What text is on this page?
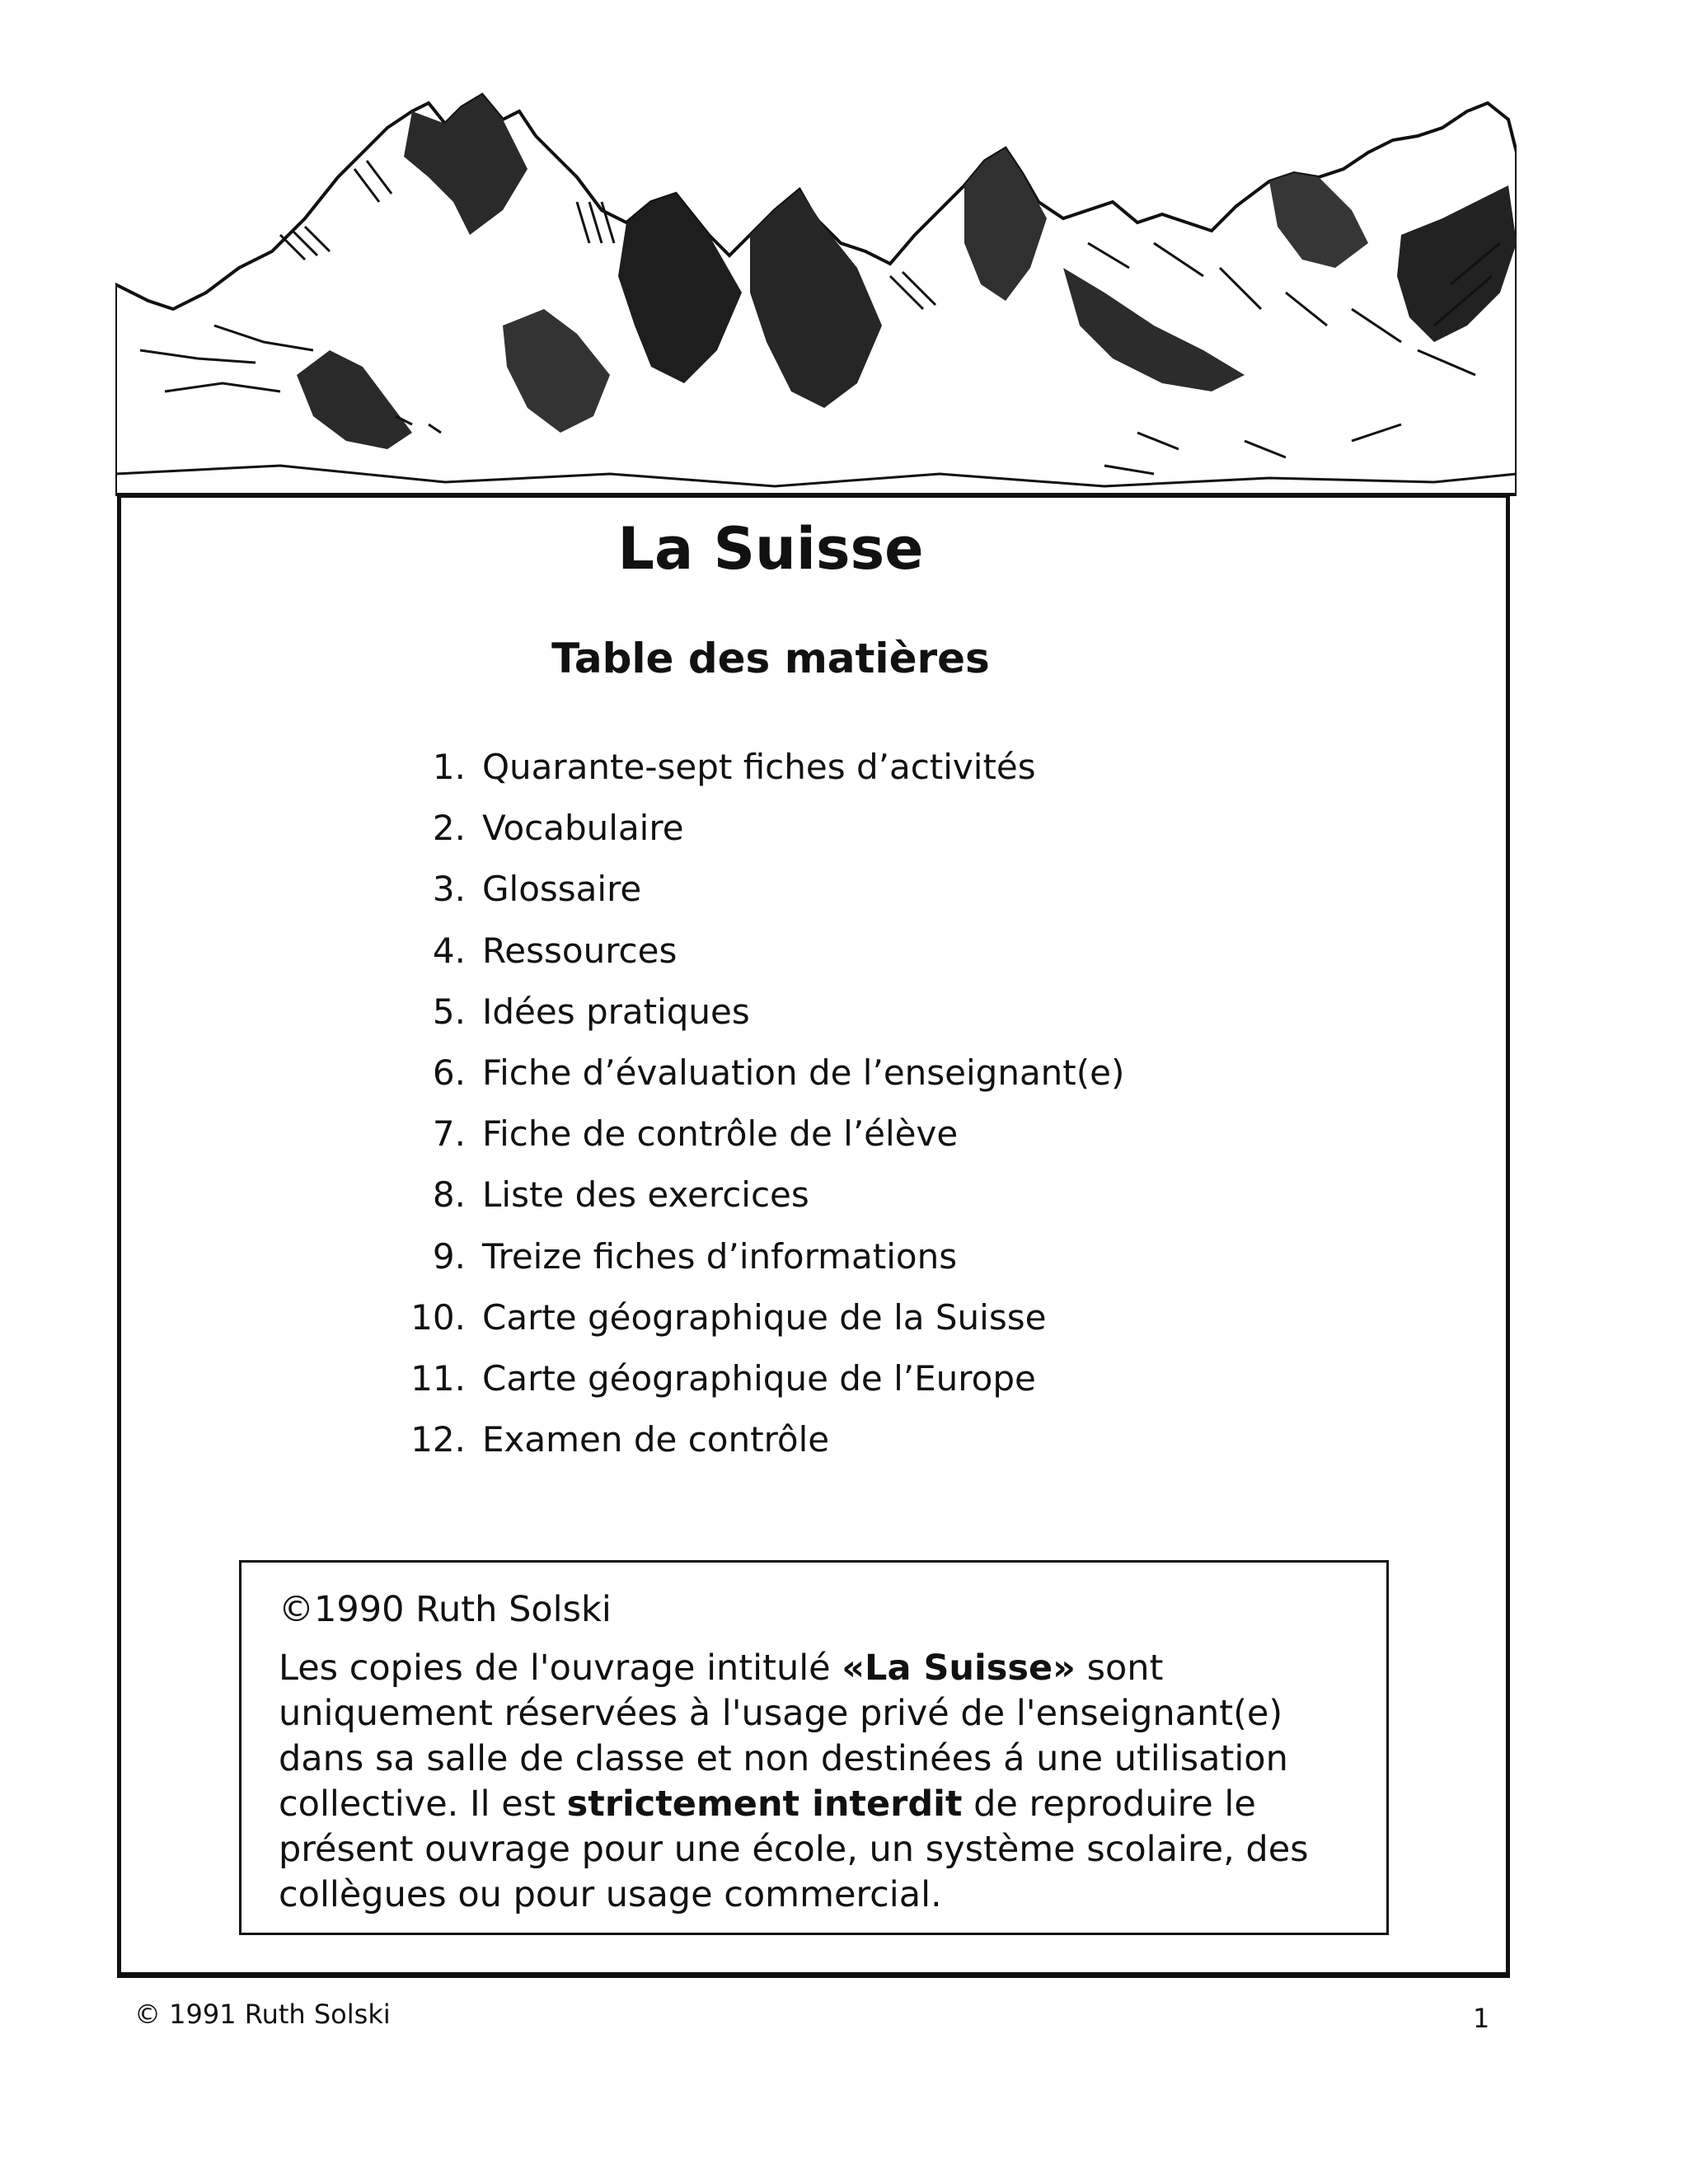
La Suisse
Table des matières
1. Quarante-sept fiches d’activités
2. Vocabulaire
3. Glossaire
4. Ressources
5. Idées pratiques
6. Fiche d’évaluation de l’enseignant(e)
7. Fiche de contrôle de l’élève
8. Liste des exercices
9. Treize fiches d’informations
10. Carte géographique de la Suisse
11. Carte géographique de l’Europe
12. Examen de contrôle
©1990 Ruth Solski
Les copies de l'ouvrage intitulé «La Suisse» sont uniquement réservées à l'usage privé de l'enseignant(e) dans sa salle de classe et non destinées á une utilisation collective. Il est strictement interdit de reproduire le présent ouvrage pour une école, un système scolaire, des collègues ou pour usage commercial.
© 1991 Ruth Solski	1
